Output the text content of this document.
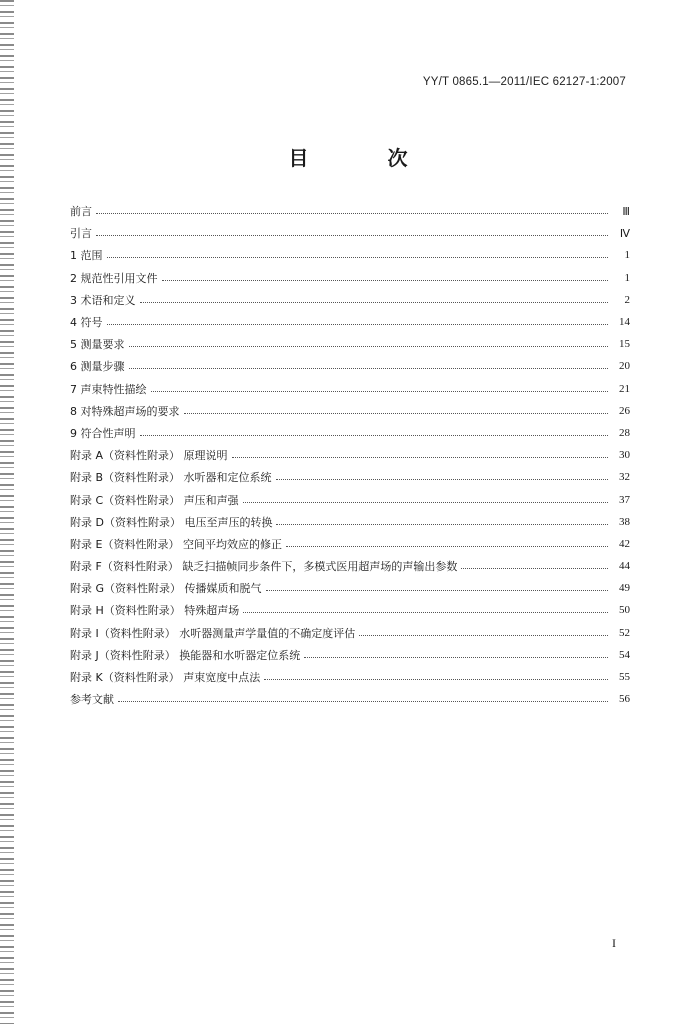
YY/T 0865.1—2011/IEC 62127-1:2007
目 次
前言	Ⅲ
引言	Ⅳ
1 范围	1
2 规范性引用文件	1
3 术语和定义	2
4 符号	14
5 测量要求	15
6 测量步骤	20
7 声束特性描绘	21
8 对特殊超声场的要求	26
9 符合性声明	28
附录 A（资料性附录） 原理说明	30
附录 B（资料性附录） 水听器和定位系统	32
附录 C（资料性附录） 声压和声强	37
附录 D（资料性附录） 电压至声压的转换	38
附录 E（资料性附录） 空间平均效应的修正	42
附录 F（资料性附录） 缺乏扫描帧同步条件下，多模式医用超声场的声输出参数	44
附录 G（资料性附录） 传播媒质和脱气	49
附录 H（资料性附录） 特殊超声场	50
附录 I（资料性附录） 水听器测量声学量值的不确定度评估	52
附录 J（资料性附录） 换能器和水听器定位系统	54
附录 K（资料性附录） 声束宽度中点法	55
参考文献	56
I
